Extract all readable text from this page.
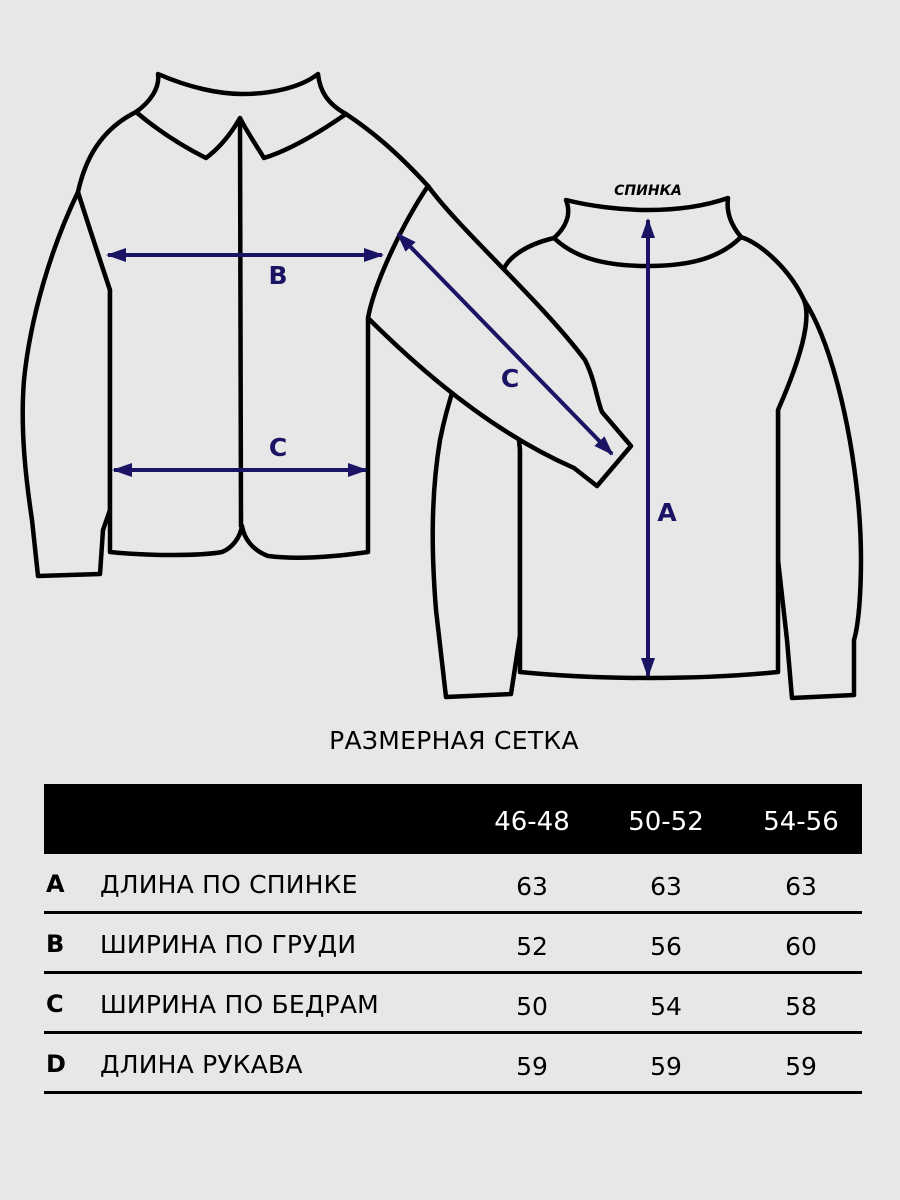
B
C
C
A
СПИНКА
РАЗМЕРНАЯ СЕТКА
46-48	50-52	54-56
A ДЛИНА ПО СПИНКЕ	63	63	63
B ШИРИНА ПО ГРУДИ	52	56	60
C ШИРИНА ПО БЕДРАМ	50	54	58
D ДЛИНА РУКАВА	59	59	59
